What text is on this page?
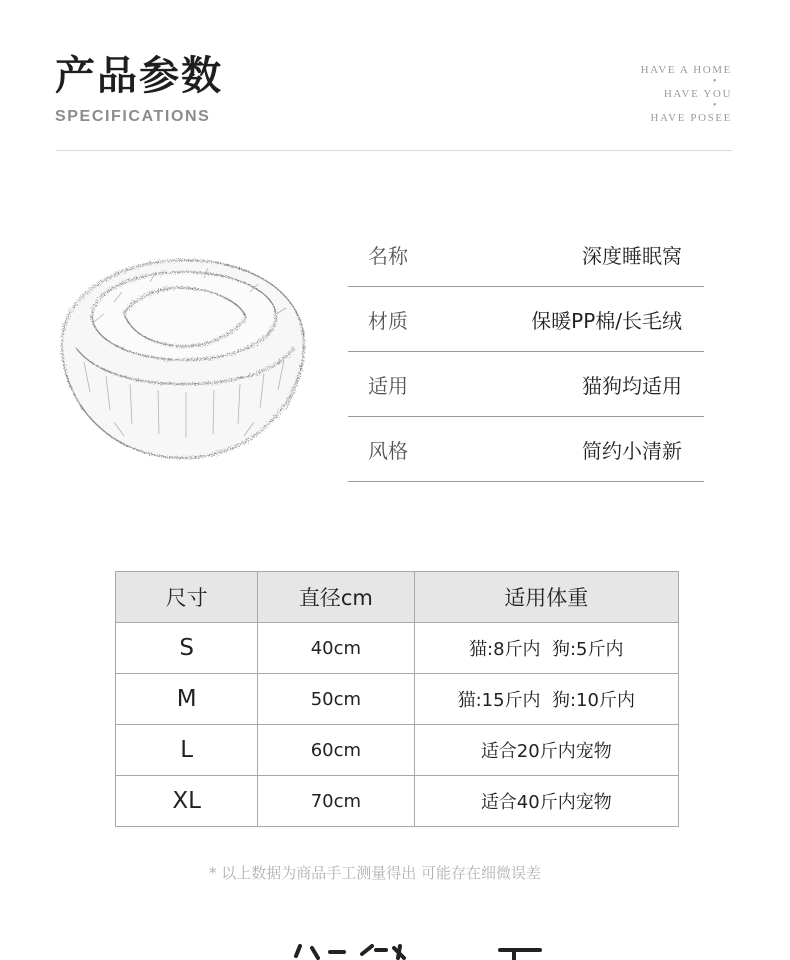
产品参数
SPECIFICATIONS
HAVE A HOME
•
HAVE YOU
•
HAVE POSEE
名称	深度睡眠窝
材质	保暖PP棉/长毛绒
适用	猫狗均适用
风格	简约小清新
尺寸	直径cm	适用体重
S	40cm	猫:8斤内  狗:5斤内
M	50cm	猫:15斤内  狗:10斤内
L	60cm	适合20斤内宠物
XL	70cm	适合40斤内宠物
* 以上数据为商品手工测量得出 可能存在细微误差
